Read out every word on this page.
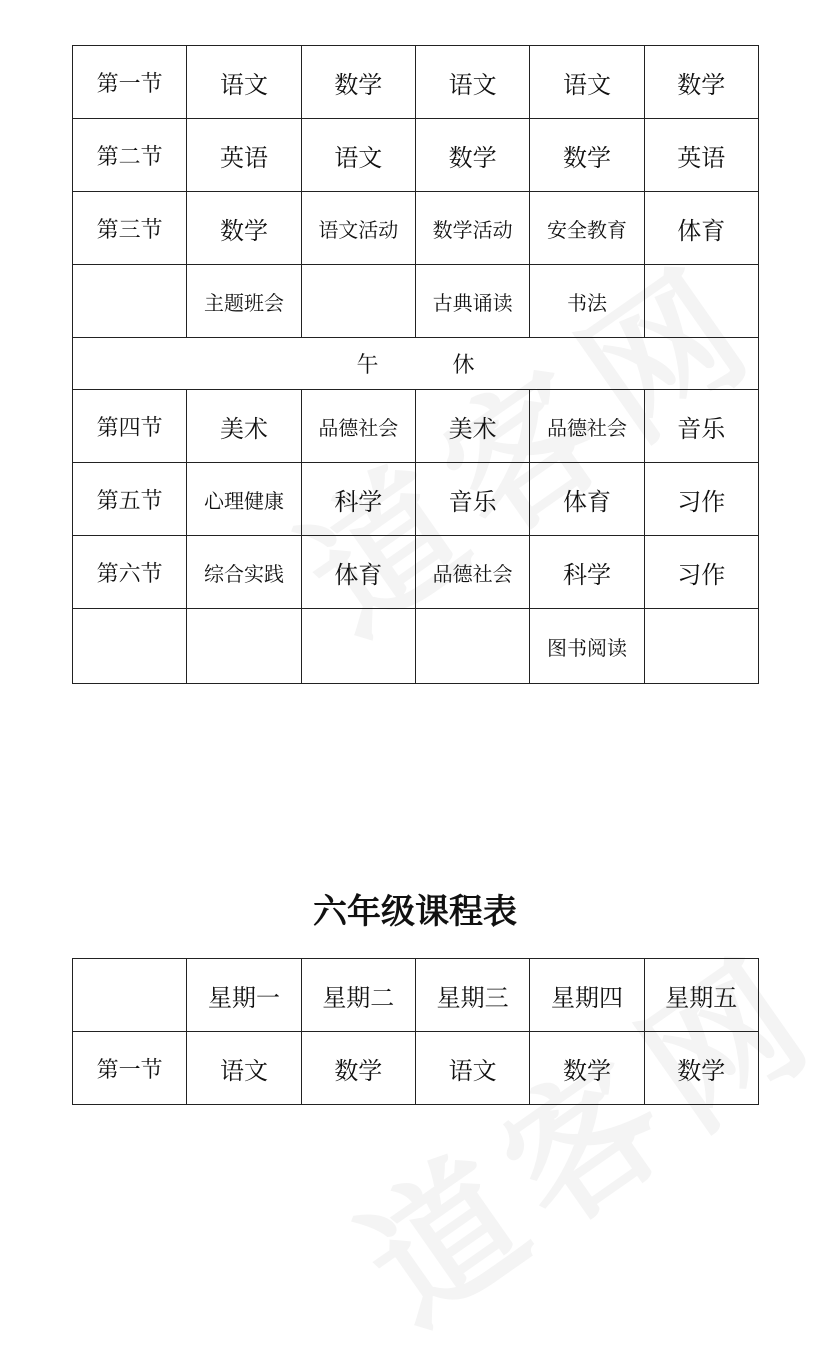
第一节	语文	数学	语文	语文	数学
第二节	英语	语文	数学	数学	英语
第三节	数学	语文活动	数学活动	安全教育	体育
	主题班会		古典诵读	书法	
午 休					
第四节	美术	品德社会	美术	品德社会	音乐
第五节	心理健康	科学	音乐	体育	习作
第六节	综合实践	体育	品德社会	科学	习作
				图书阅读	
六年级课程表
	星期一	星期二	星期三	星期四	星期五
第一节	语文	数学	语文	数学	数学
